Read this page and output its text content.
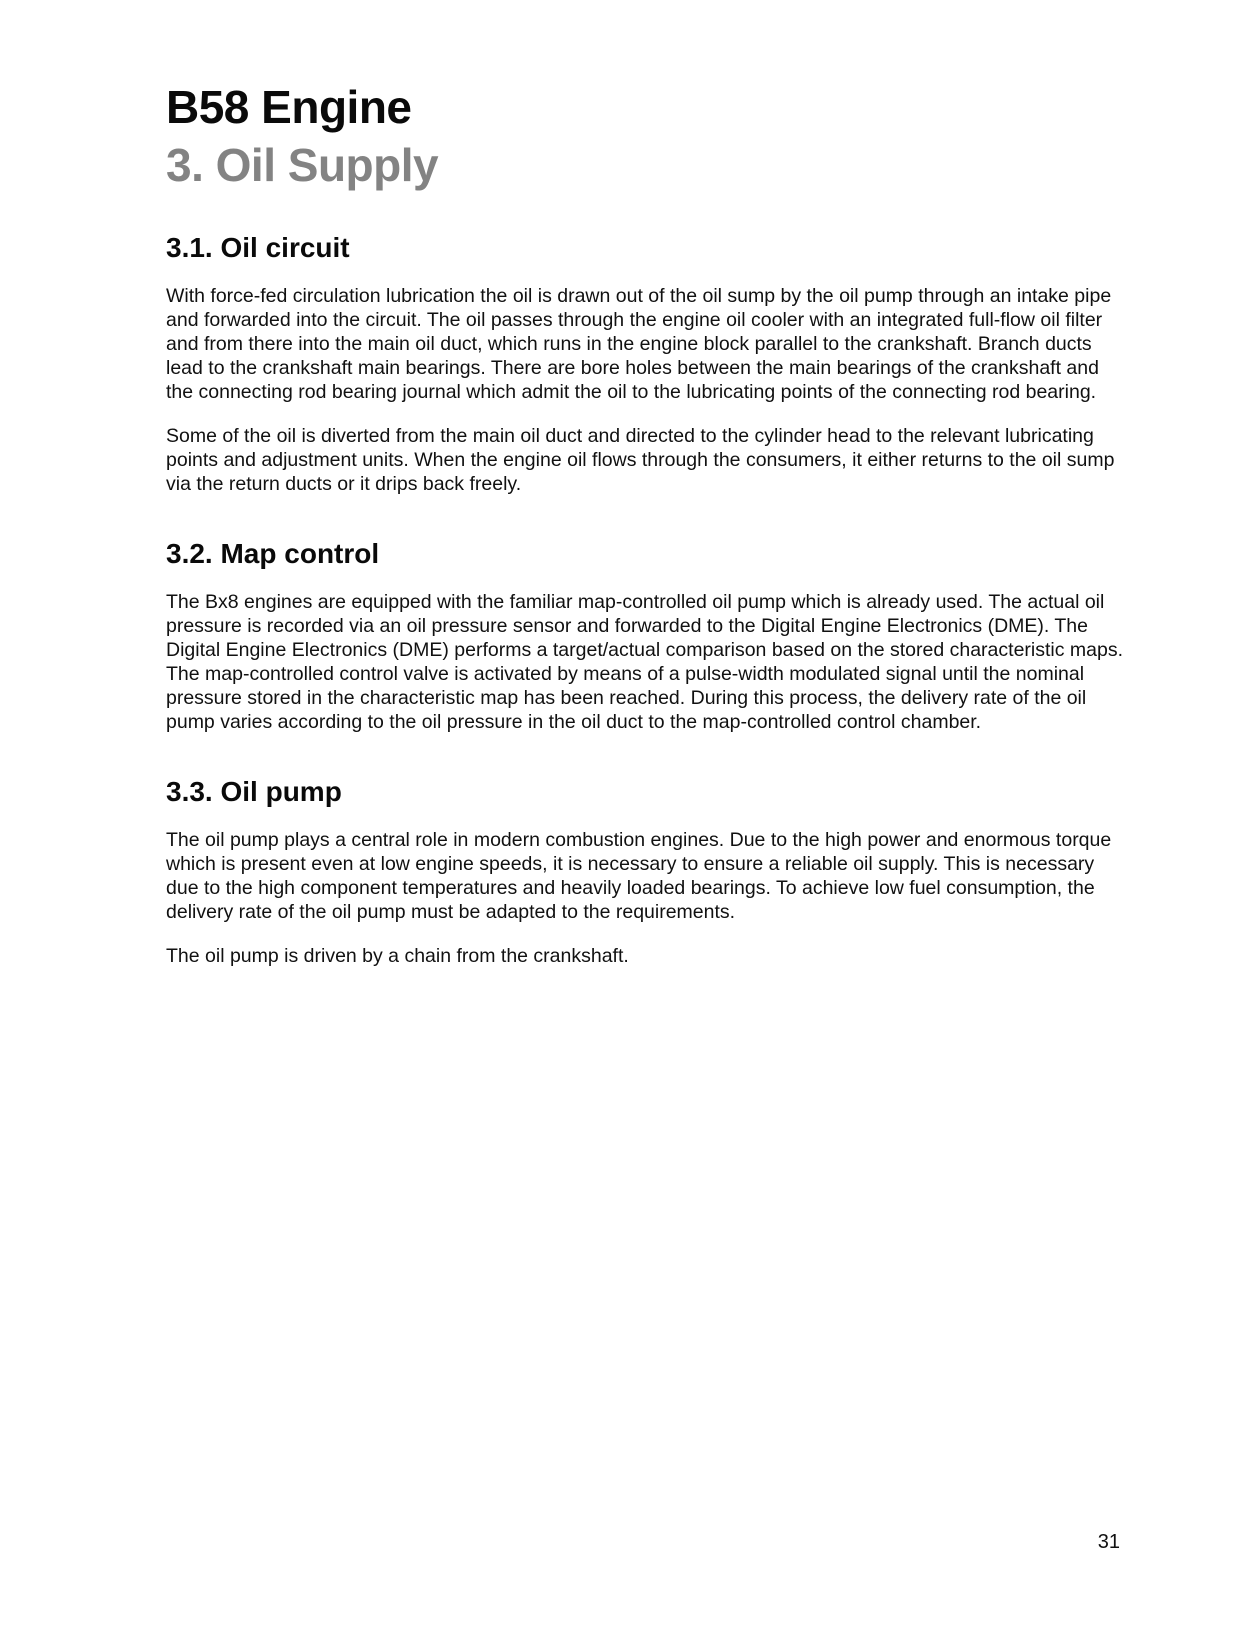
B58 Engine
3. Oil Supply
3.1. Oil circuit

With force-fed circulation lubrication the oil is drawn out of the oil sump by the oil pump through an intake pipe and forwarded into the circuit. The oil passes through the engine oil cooler with an integrated full-flow oil filter and from there into the main oil duct, which runs in the engine block parallel to the crankshaft. Branch ducts lead to the crankshaft main bearings. There are bore holes between the main bearings of the crankshaft and the connecting rod bearing journal which admit the oil to the lubricating points of the connecting rod bearing.

Some of the oil is diverted from the main oil duct and directed to the cylinder head to the relevant lubricating points and adjustment units. When the engine oil flows through the consumers, it either returns to the oil sump via the return ducts or it drips back freely.

3.2. Map control

The Bx8 engines are equipped with the familiar map-controlled oil pump which is already used. The actual oil pressure is recorded via an oil pressure sensor and forwarded to the Digital Engine Electronics (DME). The Digital Engine Electronics (DME) performs a target/actual comparison based on the stored characteristic maps. The map-controlled control valve is activated by means of a pulse-width modulated signal until the nominal pressure stored in the characteristic map has been reached. During this process, the delivery rate of the oil pump varies according to the oil pressure in the oil duct to the map-controlled control chamber.

3.3. Oil pump

The oil pump plays a central role in modern combustion engines. Due to the high power and enormous torque which is present even at low engine speeds, it is necessary to ensure a reliable oil supply. This is necessary due to the high component temperatures and heavily loaded bearings. To achieve low fuel consumption, the delivery rate of the oil pump must be adapted to the requirements.

The oil pump is driven by a chain from the crankshaft.

31
